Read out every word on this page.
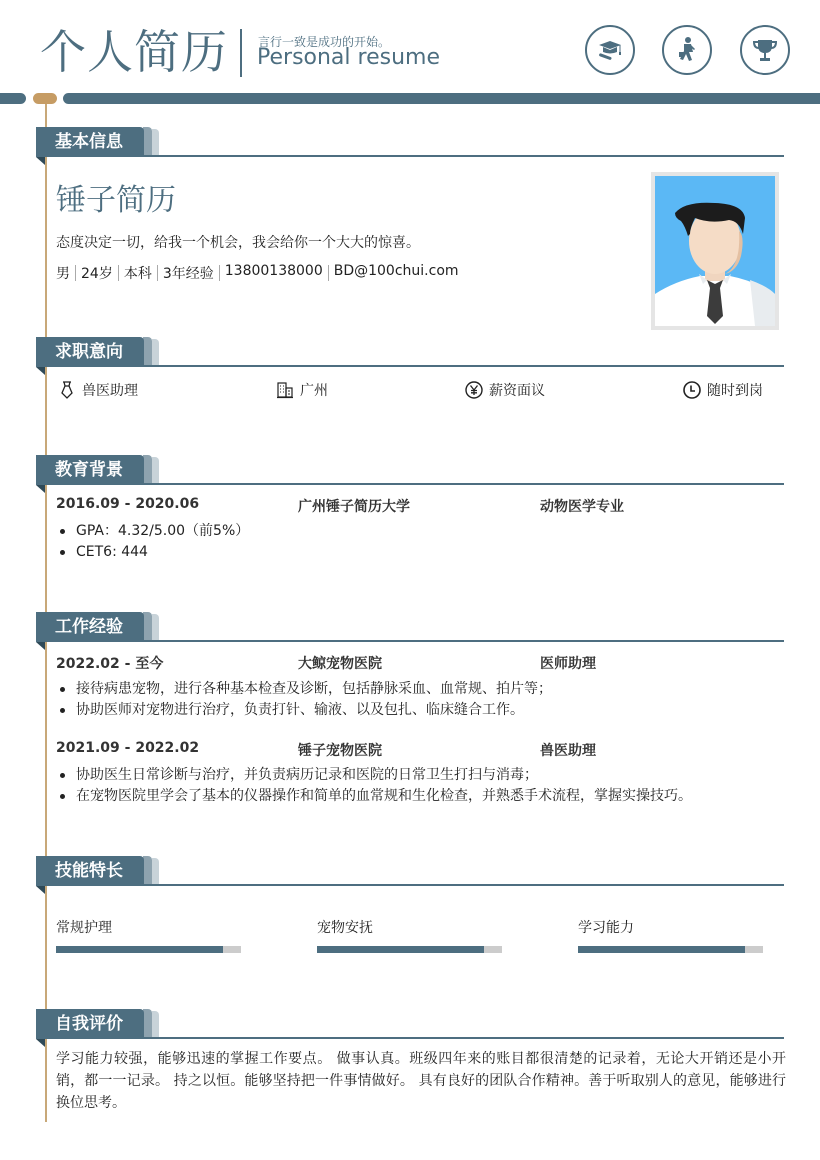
个人简历	言行一致是成功的开始。
Personal resume
基本信息
锤子简历
态度决定一切，给我一个机会，我会给你一个大大的惊喜。
男 24岁 本科 3年经验 13800138000 BD@100chui.com
求职意向
兽医助理	广州	薪资面议	随时到岗
教育背景
2016.09 - 2020.06	广州锤子简历大学	动物医学专业
GPA：4.32/5.00（前5%）
CET6: 444
工作经验
2022.02 - 至今	大鲸宠物医院	医师助理
接待病患宠物，进行各种基本检查及诊断，包括静脉采血、血常规、拍片等；
协助医师对宠物进行治疗，负责打针、输液、以及包扎、临床缝合工作。
2021.09 - 2022.02	锤子宠物医院	兽医助理
协助医生日常诊断与治疗，并负责病历记录和医院的日常卫生打扫与消毒；
在宠物医院里学会了基本的仪器操作和简单的血常规和生化检查，并熟悉手术流程，掌握实操技巧。
技能特长
常规护理	宠物安抚	学习能力
自我评价
学习能力较强，能够迅速的掌握工作要点。 做事认真。班级四年来的账目都很清楚的记录着，无论大开销还是小开销，都一一记录。 持之以恒。能够坚持把一件事情做好。 具有良好的团队合作精神。善于听取别人的意见，能够进行换位思考。
